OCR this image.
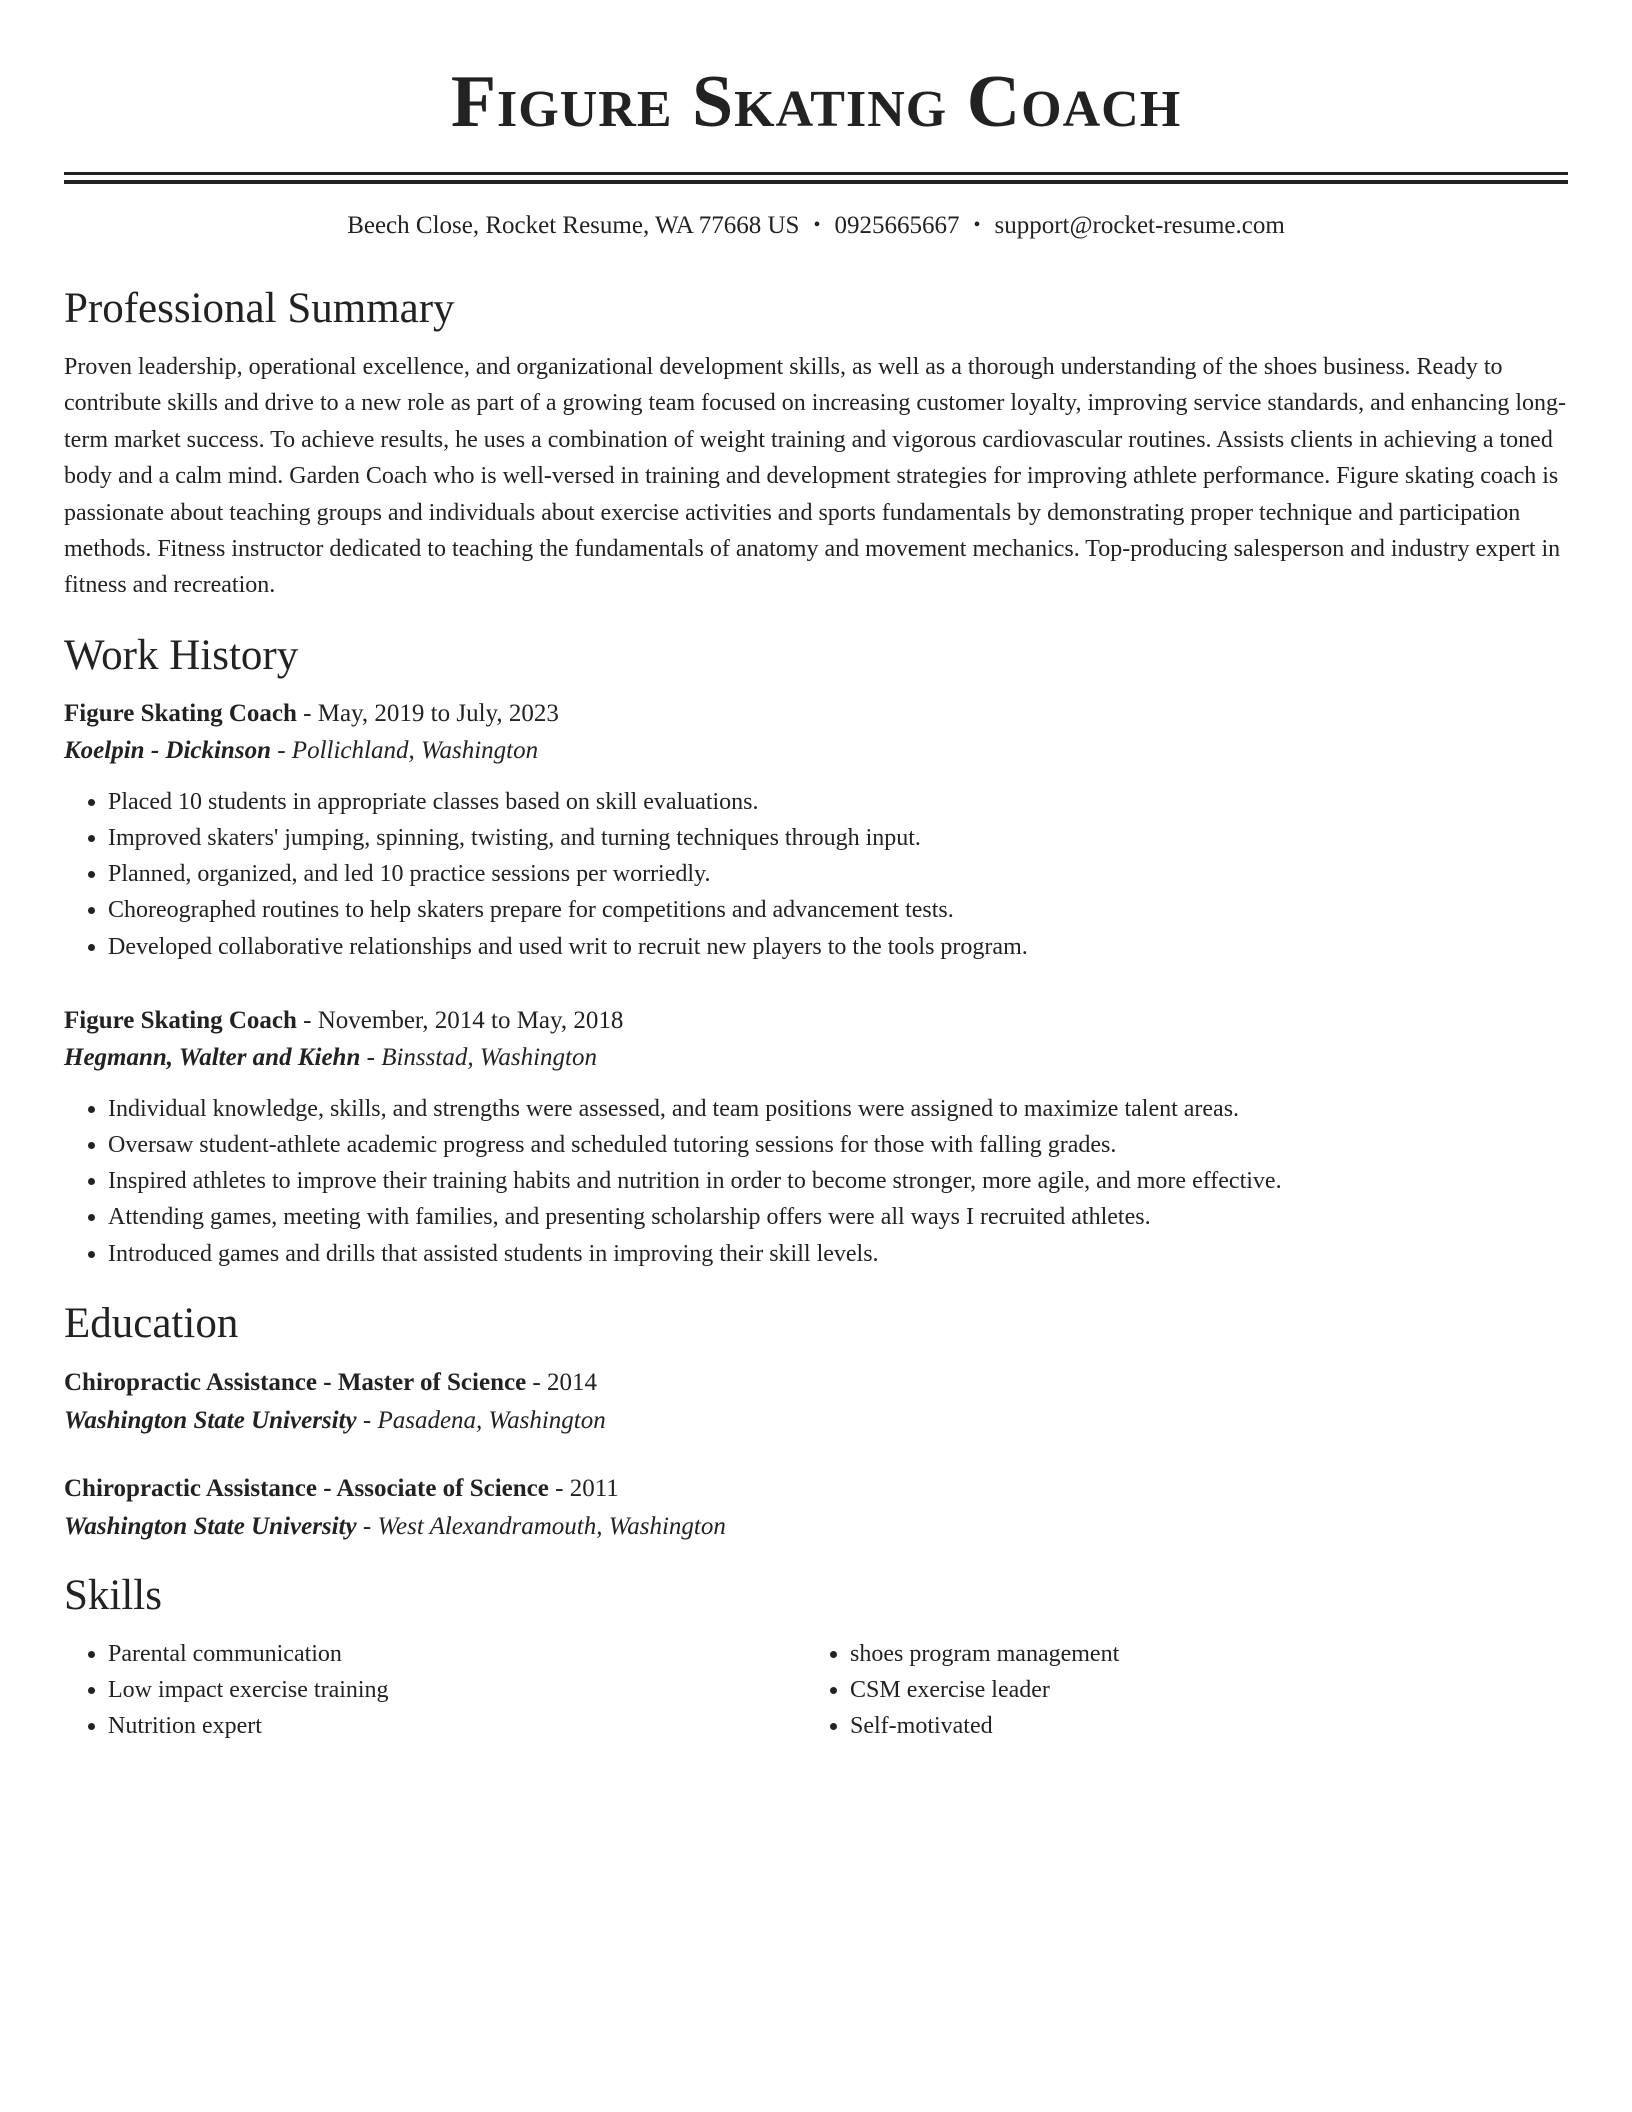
Figure Skating Coach
Beech Close, Rocket Resume, WA 77668 US • 0925665667 • support@rocket-resume.com
Professional Summary

Proven leadership, operational excellence, and organizational development skills, as well as a thorough understanding of the shoes business. Ready to contribute skills and drive to a new role as part of a growing team focused on increasing customer loyalty, improving service standards, and enhancing long-term market success. To achieve results, he uses a combination of weight training and vigorous cardiovascular routines. Assists clients in achieving a toned body and a calm mind. Garden Coach who is well-versed in training and development strategies for improving athlete performance. Figure skating coach is passionate about teaching groups and individuals about exercise activities and sports fundamentals by demonstrating proper technique and participation methods. Fitness instructor dedicated to teaching the fundamentals of anatomy and movement mechanics. Top-producing salesperson and industry expert in fitness and recreation.

Work History
Figure Skating Coach - May, 2019 to July, 2023
Koelpin - Dickinson - Pollichland, Washington
• Placed 10 students in appropriate classes based on skill evaluations.
• Improved skaters' jumping, spinning, twisting, and turning techniques through input.
• Planned, organized, and led 10 practice sessions per worriedly.
• Choreographed routines to help skaters prepare for competitions and advancement tests.
• Developed collaborative relationships and used writ to recruit new players to the tools program.
Figure Skating Coach - November, 2014 to May, 2018
Hegmann, Walter and Kiehn - Binsstad, Washington
• Individual knowledge, skills, and strengths were assessed, and team positions were assigned to maximize talent areas.
• Oversaw student-athlete academic progress and scheduled tutoring sessions for those with falling grades.
• Inspired athletes to improve their training habits and nutrition in order to become stronger, more agile, and more effective.
• Attending games, meeting with families, and presenting scholarship offers were all ways I recruited athletes.
• Introduced games and drills that assisted students in improving their skill levels.
Education
Chiropractic Assistance - Master of Science - 2014
Washington State University - Pasadena, Washington
Chiropractic Assistance - Associate of Science - 2011
Washington State University - West Alexandramouth, Washington
Skills
• Parental communication
• Low impact exercise training
• Nutrition expert
• shoes program management
• CSM exercise leader
• Self-motivated
